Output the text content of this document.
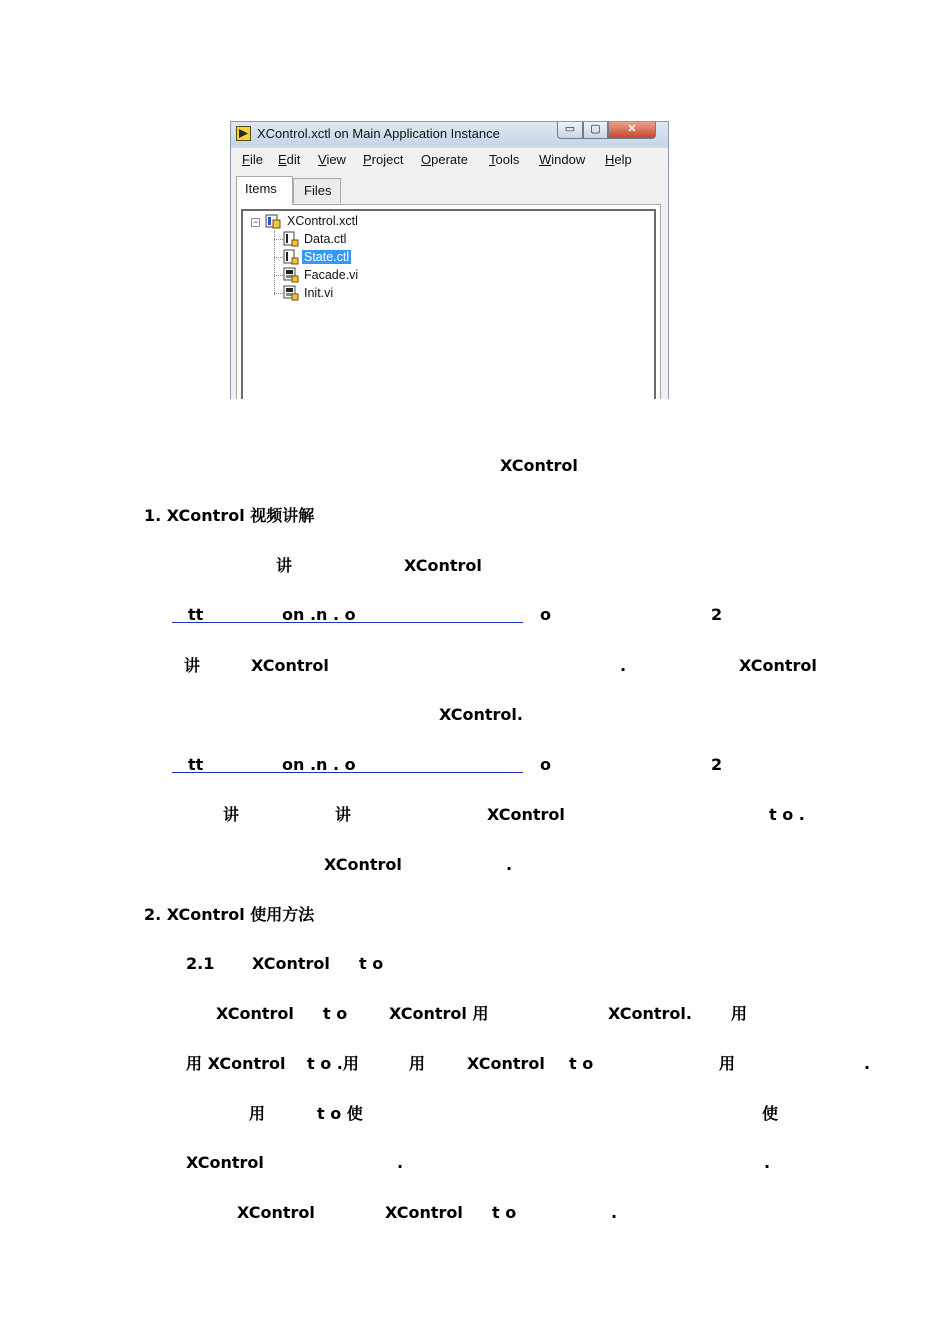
XControl.xctl on Main Application Instance	▭	▢	✕
File Edit View Project Operate Tools Window Help
Items	Files
− XControl.xctl
Data.ctl
State.ctl
Facade.vi
Init.vi
XControl
1. XControl 视频讲解
讲	XControl
tt	on .n . o	o	2
讲	XControl	.	XControl
XControl.
tt	on .n . o	o	2
讲	讲	XControl	t o .
XControl	.
2. XControl 使用方法
2.1 XControl t o
XControl t o	XControl 用	XControl. 用
用 XControl t o .用	用	XControl t o	用	.
用	t o 使	使
XControl	.	.
XControl	XControl t o	.
